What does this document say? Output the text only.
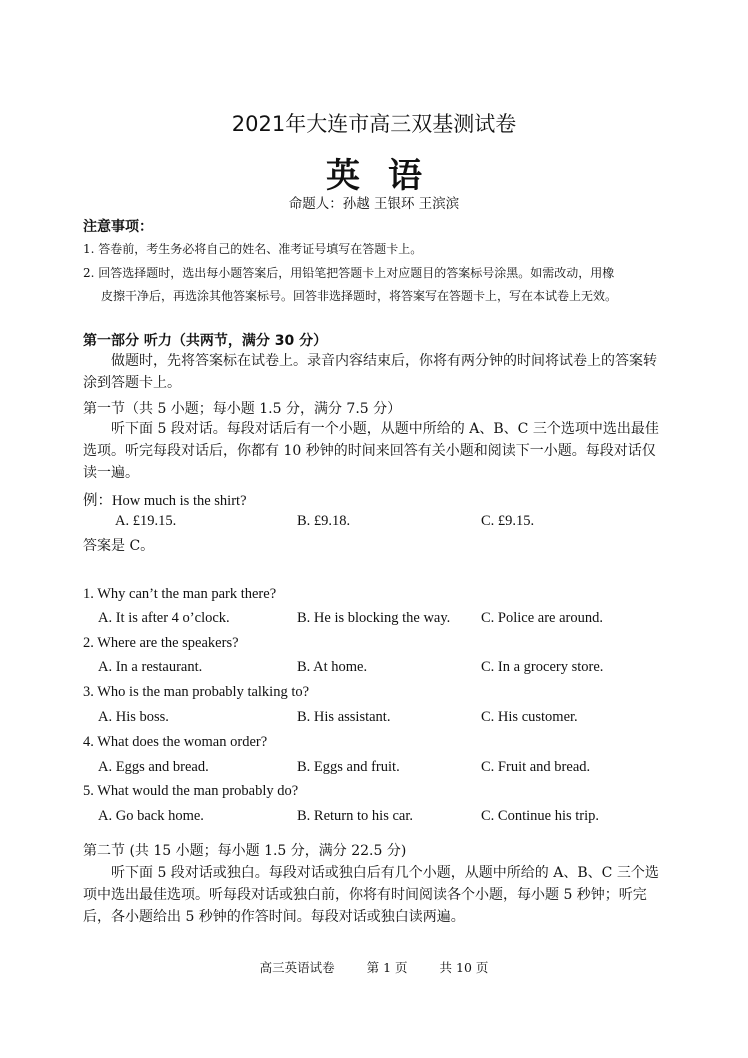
2021年大连市高三双基测试卷
英语
命题人：孙越 王银环 王滨滨
注意事项：
1. 答卷前，考生务必将自己的姓名、准考证号填写在答题卡上。
2. 回答选择题时，选出每小题答案后，用铅笔把答题卡上对应题目的答案标号涂黑。如需改动，用橡
皮擦干净后，再选涂其他答案标号。回答非选择题时，将答案写在答题卡上，写在本试卷上无效。
第一部分 听力（共两节，满分 30 分）
做题时，先将答案标在试卷上。录音内容结束后，你将有两分钟的时间将试卷上的答案转涂到答题卡上。
第一节（共 5 小题；每小题 1.5 分，满分 7.5 分）
听下面 5 段对话。每段对话后有一个小题，从题中所给的 A、B、C 三个选项中选出最佳选项。听完每段对话后，你都有 10 秒钟的时间来回答有关小题和阅读下一小题。每段对话仅读一遍。
例：How much is the shirt?
A. £19.15.	B. £9.18.	C. £9.15.
答案是 C。
1. Why can’t the man park there?
A. It is after 4 o’clock.	B. He is blocking the way. C. Police are around.
2. Where are the speakers?
A. In a restaurant.	B. At home.	C. In a grocery store.
3. Who is the man probably talking to?
A. His boss.	B. His assistant.	C. His customer.
4. What does the woman order?
A. Eggs and bread.	B. Eggs and fruit.	C. Fruit and bread.
5. What would the man probably do?
A. Go back home.	B. Return to his car.	C. Continue his trip.
第二节 (共 15 小题；每小题 1.5 分，满分 22.5 分)
听下面 5 段对话或独白。每段对话或独白后有几个小题，从题中所给的 A、B、C 三个选项中选出最佳选项。听每段对话或独白前，你将有时间阅读各个小题，每小题 5 秒钟；听完后，各小题给出 5 秒钟的作答时间。每段对话或独白读两遍。
高三英语试卷	第 1 页	共 10 页
